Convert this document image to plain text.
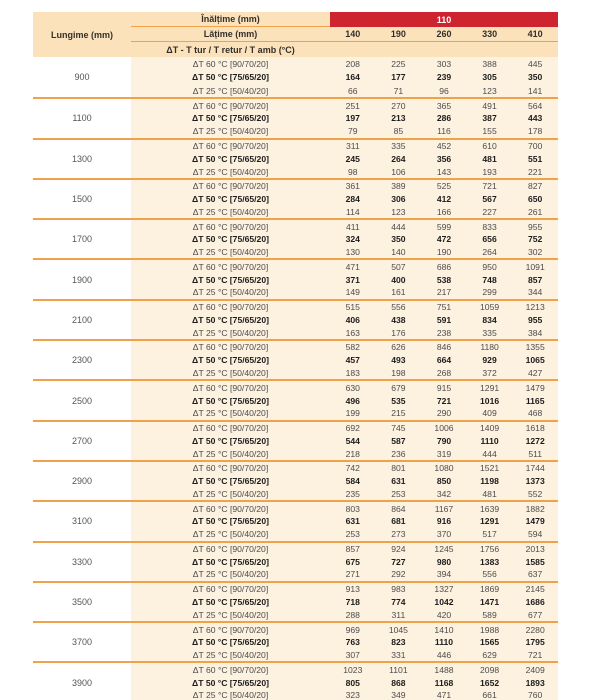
Lungime (mm)
Înălțime (mm)	110
Lățime (mm)	140	190	260	330	410
ΔT - T tur / T retur / T amb (°C)
900
ΔT 60 °C [90/70/20]	208	225	303	388	445
ΔT 50 °C [75/65/20]	164	177	239	305	350
ΔT 25 °C [50/40/20]	66	71	96	123	141
1100
ΔT 60 °C [90/70/20]	251	270	365	491	564
ΔT 50 °C [75/65/20]	197	213	286	387	443
ΔT 25 °C [50/40/20]	79	85	116	155	178
1300
ΔT 60 °C [90/70/20]	311	335	452	610	700
ΔT 50 °C [75/65/20]	245	264	356	481	551
ΔT 25 °C [50/40/20]	98	106	143	193	221
1500
ΔT 60 °C [90/70/20]	361	389	525	721	827
ΔT 50 °C [75/65/20]	284	306	412	567	650
ΔT 25 °C [50/40/20]	114	123	166	227	261
1700
ΔT 60 °C [90/70/20]	411	444	599	833	955
ΔT 50 °C [75/65/20]	324	350	472	656	752
ΔT 25 °C [50/40/20]	130	140	190	264	302
1900
ΔT 60 °C [90/70/20]	471	507	686	950	1091
ΔT 50 °C [75/65/20]	371	400	538	748	857
ΔT 25 °C [50/40/20]	149	161	217	299	344
2100
ΔT 60 °C [90/70/20]	515	556	751	1059	1213
ΔT 50 °C [75/65/20]	406	438	591	834	955
ΔT 25 °C [50/40/20]	163	176	238	335	384
2300
ΔT 60 °C [90/70/20]	582	626	846	1180	1355
ΔT 50 °C [75/65/20]	457	493	664	929	1065
ΔT 25 °C [50/40/20]	183	198	268	372	427
2500
ΔT 60 °C [90/70/20]	630	679	915	1291	1479
ΔT 50 °C [75/65/20]	496	535	721	1016	1165
ΔT 25 °C [50/40/20]	199	215	290	409	468
2700
ΔT 60 °C [90/70/20]	692	745	1006	1409	1618
ΔT 50 °C [75/65/20]	544	587	790	1110	1272
ΔT 25 °C [50/40/20]	218	236	319	444	511
2900
ΔT 60 °C [90/70/20]	742	801	1080	1521	1744
ΔT 50 °C [75/65/20]	584	631	850	1198	1373
ΔT 25 °C [50/40/20]	235	253	342	481	552
3100
ΔT 60 °C [90/70/20]	803	864	1167	1639	1882
ΔT 50 °C [75/65/20]	631	681	916	1291	1479
ΔT 25 °C [50/40/20]	253	273	370	517	594
3300
ΔT 60 °C [90/70/20]	857	924	1245	1756	2013
ΔT 50 °C [75/65/20]	675	727	980	1383	1585
ΔT 25 °C [50/40/20]	271	292	394	556	637
3500
ΔT 60 °C [90/70/20]	913	983	1327	1869	2145
ΔT 50 °C [75/65/20]	718	774	1042	1471	1686
ΔT 25 °C [50/40/20]	288	311	420	589	677
3700
ΔT 60 °C [90/70/20]	969	1045	1410	1988	2280
ΔT 50 °C [75/65/20]	763	823	1110	1565	1795
ΔT 25 °C [50/40/20]	307	331	446	629	721
3900
ΔT 60 °C [90/70/20]	1023	1101	1488	2098	2409
ΔT 50 °C [75/65/20]	805	868	1168	1652	1893
ΔT 25 °C [50/40/20]	323	349	471	661	760
